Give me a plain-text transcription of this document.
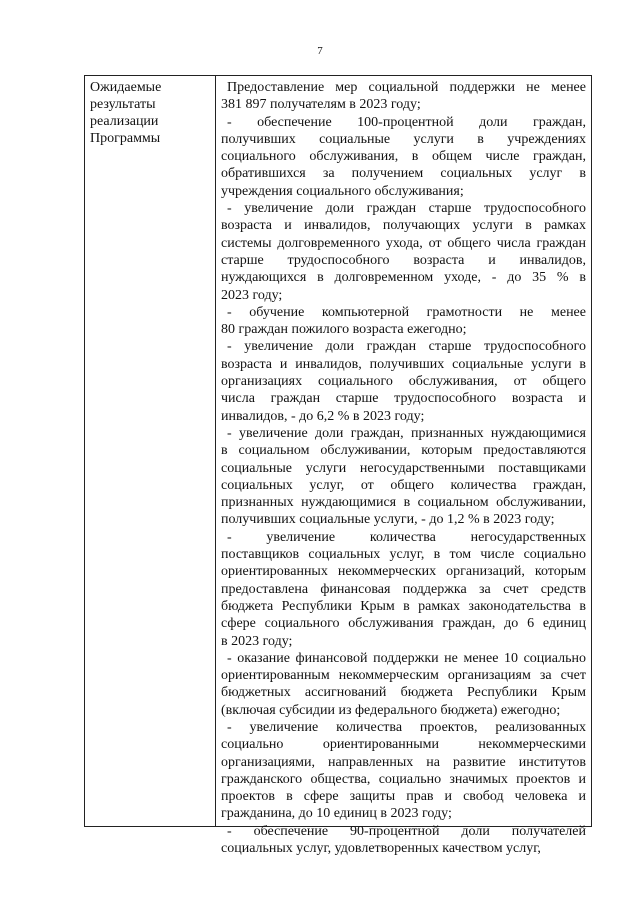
7
Ожидаемые
результаты
реализации
Программы
Предоставление мер социальной поддержки не менее
381 897 получателям в 2023 году;
- обеспечение 100-процентной доли граждан,
получивших социальные услуги в учреждениях
социального обслуживания, в общем числе граждан,
обратившихся за получением социальных услуг в
учреждения социального обслуживания;
- увеличение доли граждан старше трудоспособного
возраста и инвалидов, получающих услуги в рамках
системы долговременного ухода, от общего числа граждан
старше трудоспособного возраста и инвалидов,
нуждающихся в долговременном уходе, - до 35 % в
2023 году;
- обучение компьютерной грамотности не менее
80 граждан пожилого возраста ежегодно;
- увеличение доли граждан старше трудоспособного
возраста и инвалидов, получивших социальные услуги в
организациях социального обслуживания, от общего
числа граждан старше трудоспособного возраста и
инвалидов, - до 6,2 % в 2023 году;
- увеличение доли граждан, признанных нуждающимися
в социальном обслуживании, которым предоставляются
социальные услуги негосударственными поставщиками
социальных услуг, от общего количества граждан,
признанных нуждающимися в социальном обслуживании,
получивших социальные услуги, - до 1,2 % в 2023 году;
- увеличение количества негосударственных
поставщиков социальных услуг, в том числе социально
ориентированных некоммерческих организаций, которым
предоставлена финансовая поддержка за счет средств
бюджета Республики Крым в рамках законодательства в
сфере социального обслуживания граждан, до 6 единиц
в 2023 году;
- оказание финансовой поддержки не менее 10 социально
ориентированным некоммерческим организациям за счет
бюджетных ассигнований бюджета Республики Крым
(включая субсидии из федерального бюджета) ежегодно;
- увеличение количества проектов, реализованных
социально ориентированными некоммерческими
организациями, направленных на развитие институтов
гражданского общества, социально значимых проектов и
проектов в сфере защиты прав и свобод человека и
гражданина, до 10 единиц в 2023 году;
- обеспечение 90-процентной доли получателей
социальных услуг, удовлетворенных качеством услуг,
